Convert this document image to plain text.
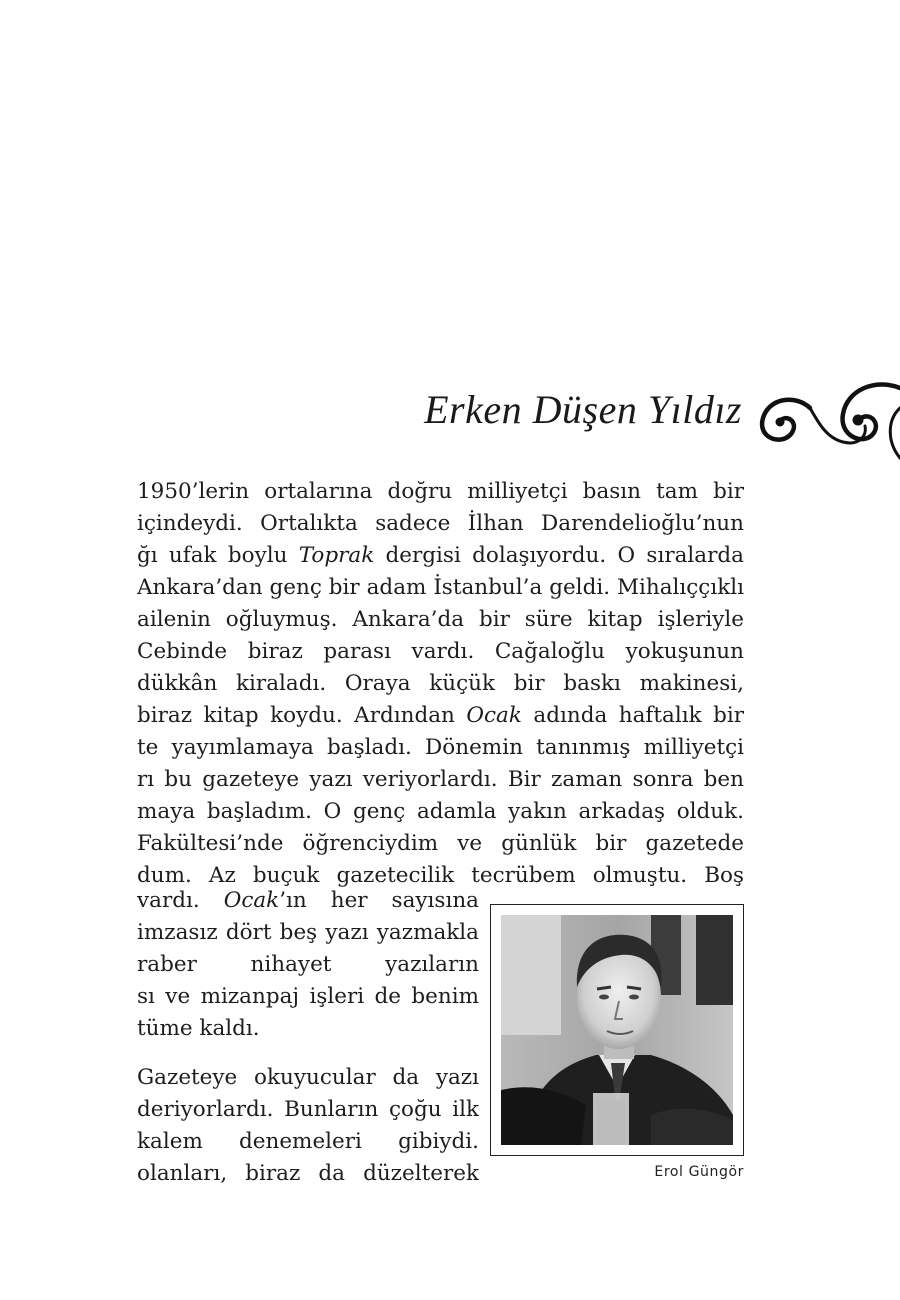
Erken Düşen Yıldız
1950’lerin ortalarına doğru milliyetçi basın tam bir
içindeydi. Ortalıkta sadece İlhan Darendelioğlu’nun
ğı ufak boylu Toprak dergisi dolaşıyordu. O sıralarda
Ankara’dan genç bir adam İstanbul’a geldi. Mihalıççıklı
ailenin oğluymuş. Ankara’da bir süre kitap işleriyle
Cebinde biraz parası vardı. Cağaloğlu yokuşunun
dükkân kiraladı. Oraya küçük bir baskı makinesi,
biraz kitap koydu. Ardından Ocak adında haftalık bir
te yayımlamaya başladı. Dönemin tanınmış milliyetçi
rı bu gazeteye yazı veriyorlardı. Bir zaman sonra ben
maya başladım. O genç adamla yakın arkadaş olduk.
Fakültesi’nde öğrenciydim ve günlük bir gazetede
dum. Az buçuk gazetecilik tecrübem olmuştu. Boş
vardı. Ocak’ın her sayısına
imzasız dört beş yazı yazmakla
raber nihayet yazıların
sı ve mizanpaj işleri de benim
tüme kaldı.
Gazeteye okuyucular da yazı
deriyorlardı. Bunların çoğu ilk
kalem denemeleri gibiydi.
olanları, biraz da düzelterek	Erol Güngör
